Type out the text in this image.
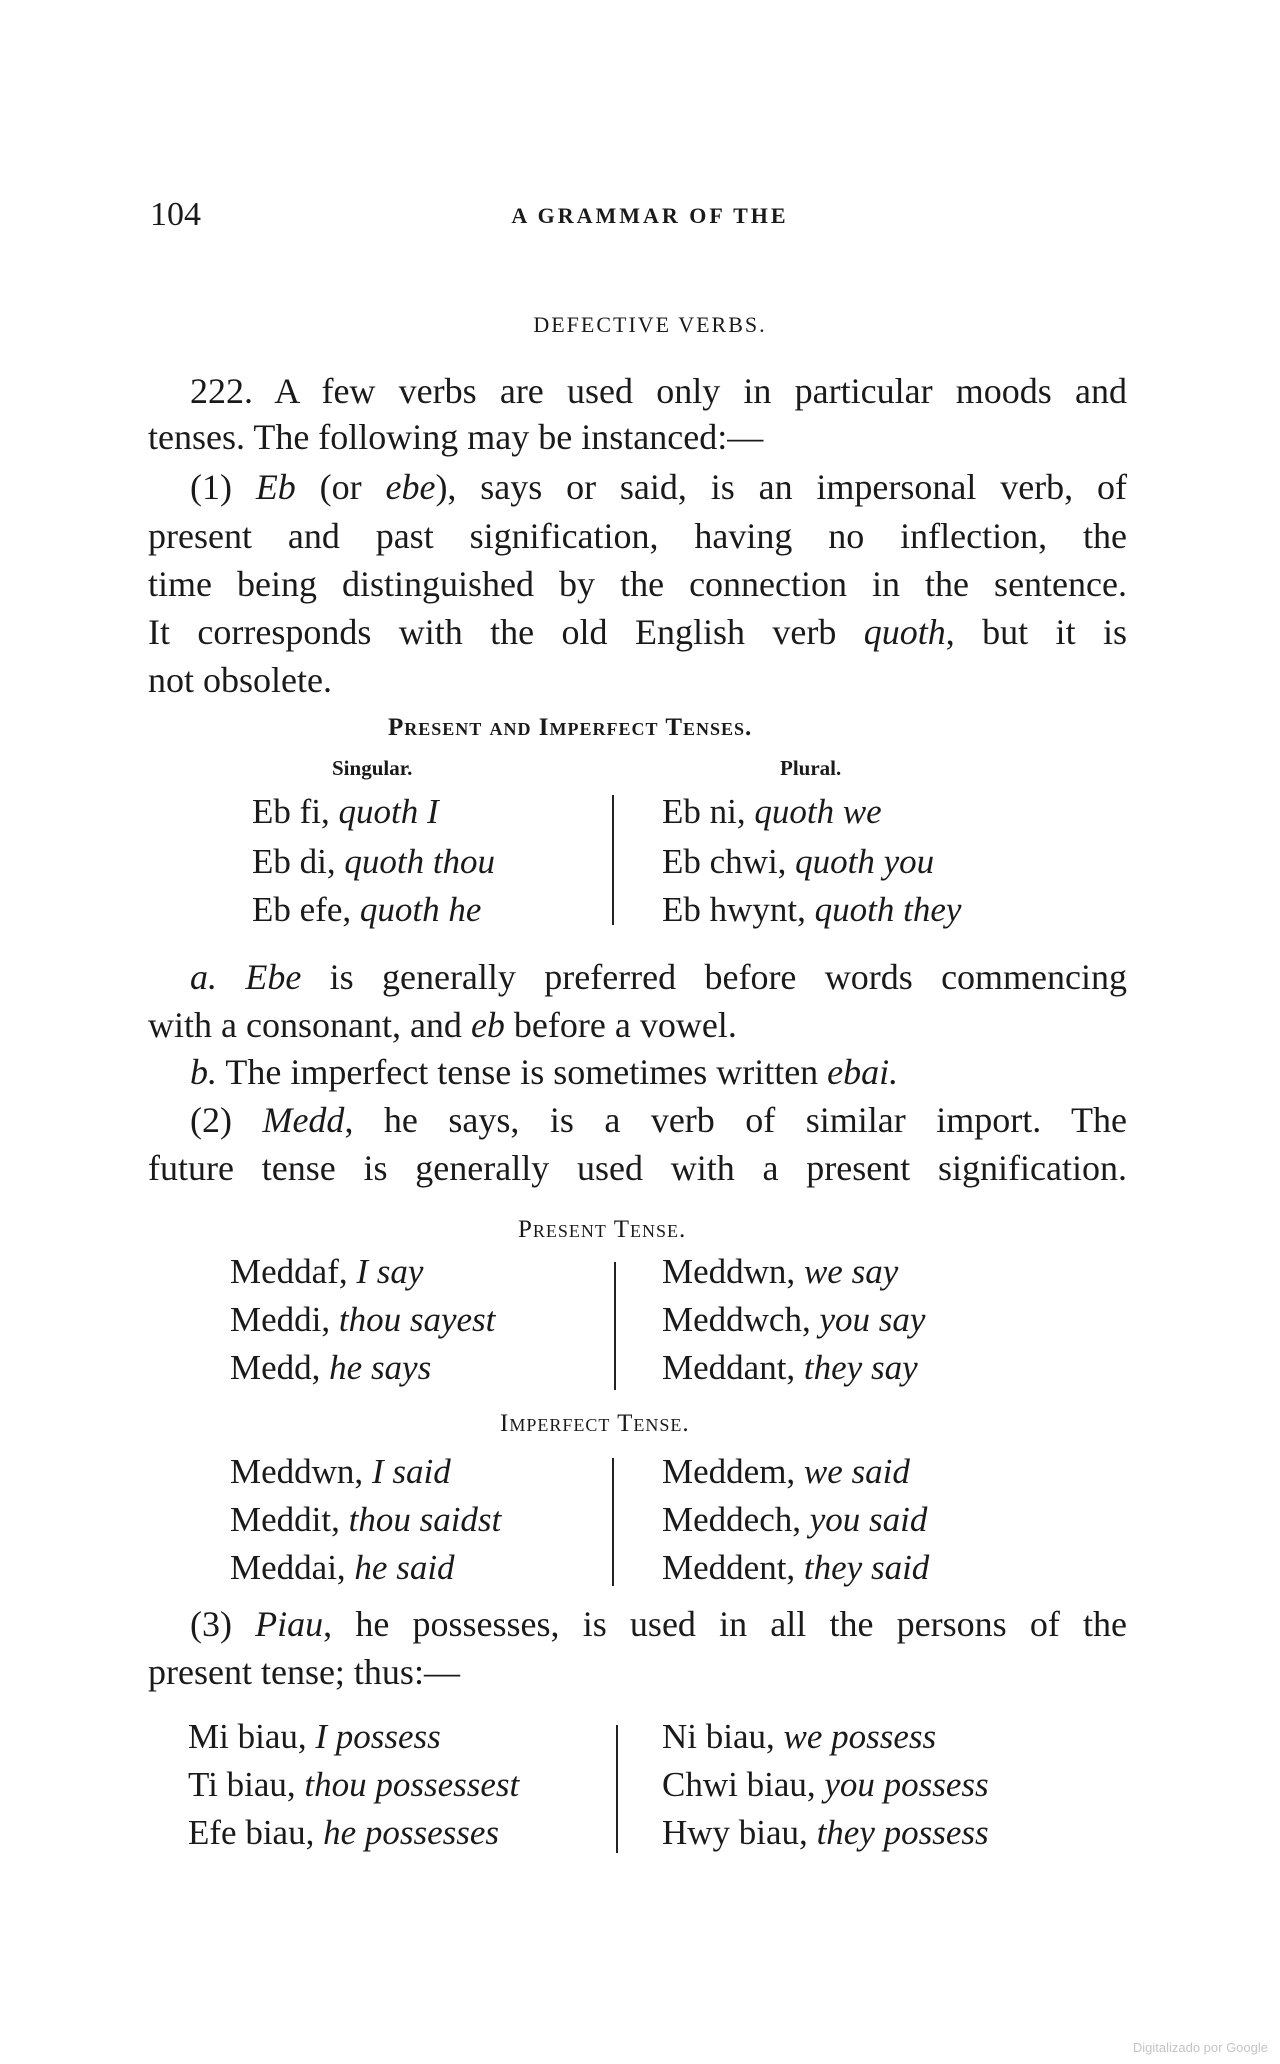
104	A GRAMMAR OF THE
DEFECTIVE VERBS.
222. A few verbs are used only in particular moods and
tenses. The following may be instanced:—
(1) Eb (or ebe), says or said, is an impersonal verb, of
present and past signification, having no inflection, the
time being distinguished by the connection in the sentence.
It corresponds with the old English verb quoth, but it is
not obsolete.
Present and Imperfect Tenses.
Singular.	Plural.
Eb fi, quoth I
Eb di, quoth thou
Eb efe, quoth he
Eb ni, quoth we
Eb chwi, quoth you
Eb hwynt, quoth they
a. Ebe is generally preferred before words commencing
with a consonant, and eb before a vowel.
b. The imperfect tense is sometimes written ebai.
(2) Medd, he says, is a verb of similar import. The
future tense is generally used with a present signification.
Present Tense.
Meddaf, I say
Meddi, thou sayest
Medd, he says
Meddwn, we say
Meddwch, you say
Meddant, they say
Imperfect Tense.
Meddwn, I said
Meddit, thou saidst
Meddai, he said
Meddem, we said
Meddech, you said
Meddent, they said
(3) Piau, he possesses, is used in all the persons of the
present tense; thus:—
Mi biau, I possess
Ti biau, thou possessest
Efe biau, he possesses
Ni biau, we possess
Chwi biau, you possess
Hwy biau, they possess
Digitalizado por Google
